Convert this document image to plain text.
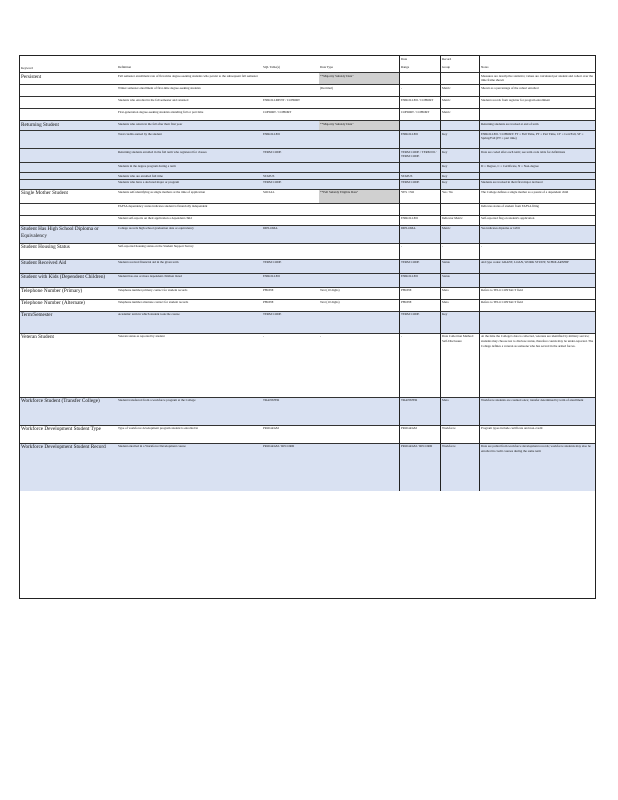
				Data	Record	
Keyword	Definition	SQL Table(s)	Data Type	Range	Group	Notes
Persistent	Fall semester enrollment rate of first-time degree-seeking students who persist to the subsequent fall semester		**Majority Subsidy Data"			Measures are descriptive statistics; values are calculated per student and cohort over the time frame shown
	Winter semester enrollment of first-time degree-seeking students		(Decimal)	-	Metric	Shown as a percentage of the cohort enrolled
	Students who enrolled in the fall semester and returned	ENROLLMENT / COHORT		ENROLLED / COHORT	Metric	Student records from registrar for program enrollment
	First-generation degree-seeking students attending full or part time	COHORT / COHORT		COHORT / COHORT	Metric	
Returning Student	Students who return in the fall after their first year		**Majority Subsidy Data"			Returning students are tracked at end of term
	Total credits earned by the student	ENROLLED		ENROLLED	Key	ENROLLED / COHORT: FT = Full Time, PT = Part Time, CF = Cert/Fall, SF = Spring/Fall (PT = part time)
	Returning students enrolled in the fall term who registered for classes	TERM CODE		TERM CODE / TERM ID / TERM CODE	Key	Data are coded after each term; see term code table for definitions
	Students in the degree program during a term				Key	D = Degree, C = Certificate, N = Non-degree
	Students who are enrolled full time	STATUS		STATUS	Key	
	Students who have a declared major or program	TERM CODE		TERM CODE	Key	Students are tracked in their first major declared
Single Mother Student	Students self-identifying as single mothers at the time of application	SOCIAL	**Pell Subsidy Eligible Data"	YES / NO	Yes / No	The College defines a single mother as a parent of a dependent child
	FAFSA dependency status indicates student is financially independent					Indicates status of student from FAFSA filing
	Student self-reports on their application a dependent child			ENROLLED	Indicator Metric	Self-reported flag on student's application
Student Has High School Diploma or Equivalency	College records high school graduation date or equivalency	DIPLOMA		DIPLOMA	Metric	Yes indicates diploma or GED
Student Housing Status	Self-reported housing status on the Student Support Survey			-	-	-
Student Received Aid	Student received financial aid in the given term	TERM CODE		TERM CODE	Status	Aid type codes: GRANT, LOAN, WORK STUDY, SCHOLARSHIP
Student with Kids (Dependent Children)	Student has one or more dependent children listed	ENROLLED		ENROLLED	Status	
Telephone Number (Primary)	Telephone number primary contact for student records	PHONE	Text (10 digits)	PHONE	Meta	Refers to TEL# CONTACT field
Telephone Number (Alternate)	Telephone number alternate contact for student records	PHONE	Text (10 digits)	PHONE	Meta	Refers to TEL# CONTACT field
Term/Semester	Academic term in which student took the course	TERM CODE		TERM CODE	Key	
Veteran Student	Veteran status as reported by student	-	-	-	Data Collection Method: Self-Disclosure	At the time the College's data is collected, veterans are identified by military service; students may choose not to disclose status, therefore counts may be under-reported. The College defines a veteran as someone who has served in the armed forces.
Workforce Student (Transfer College)	Student transferred from a workforce program at the College	TRANSFER		TRANSFER	Meta	Workforce students are counted once; transfer determined by term of enrollment
Workforce Development Student Type	Type of workforce development program student is enrolled in	PROGRAM		PROGRAM	Workforce	Program types include certificate and non-credit
Workforce Development Student Record	Student enrolled in a Workforce Development course	PROGRAM / RECORD		PROGRAM / RECORD	Workforce	Data are pulled from workforce development records; workforce students may also be enrolled in credit courses during the same term
